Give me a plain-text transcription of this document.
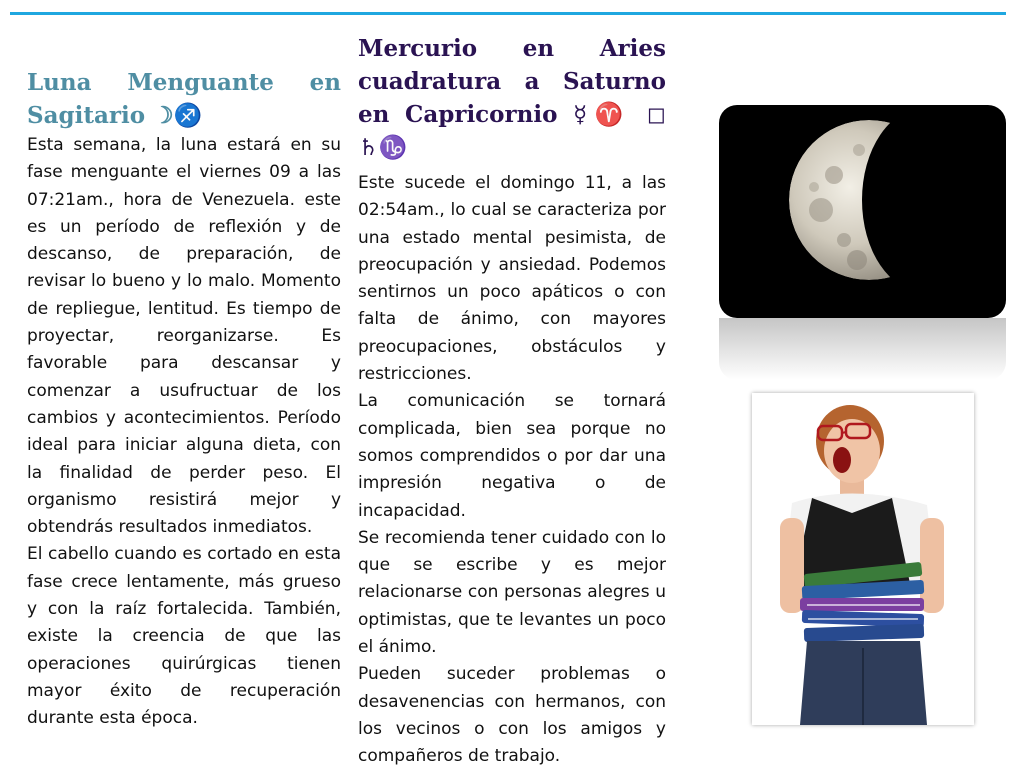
Luna Menguante en Sagitario ☽♐

Esta semana, la luna estará en su fase menguante el viernes 09 a las 07:21am., hora de Venezuela. este es un período de reflexión y de descanso, de preparación, de revisar lo bueno y lo malo. Momento de repliegue, lentitud. Es tiempo de proyectar, reorganizarse. Es favorable para descansar y comenzar a usufructuar de los cambios y acontecimientos. Período ideal para iniciar alguna dieta, con la finalidad de perder peso. El organismo resistirá mejor y obtendrás resultados inmediatos.

El cabello cuando es cortado en esta fase crece lentamente, más grueso y con la raíz fortalecida. También, existe la creencia de que las operaciones quirúrgicas tienen mayor éxito de recuperación durante esta época.

Mercurio en Aries cuadratura a Saturno en Capricornio ☿♈ ◻ ♄♑

Este sucede el domingo 11, a las 02:54am., lo cual se caracteriza por una estado mental pesimista, de preocupación y ansiedad. Podemos sentirnos un poco apáticos o con falta de ánimo, con mayores preocupaciones, obstáculos y restricciones.

La comunicación se tornará complicada, bien sea porque no somos comprendidos o por dar una impresión negativa o de incapacidad.

Se recomienda tener cuidado con lo que se escribe y es mejor relacionarse con personas alegres u optimistas, que te levantes un poco el ánimo.

Pueden suceder problemas o desavenencias con hermanos, con los vecinos o con los amigos y compañeros de trabajo.
